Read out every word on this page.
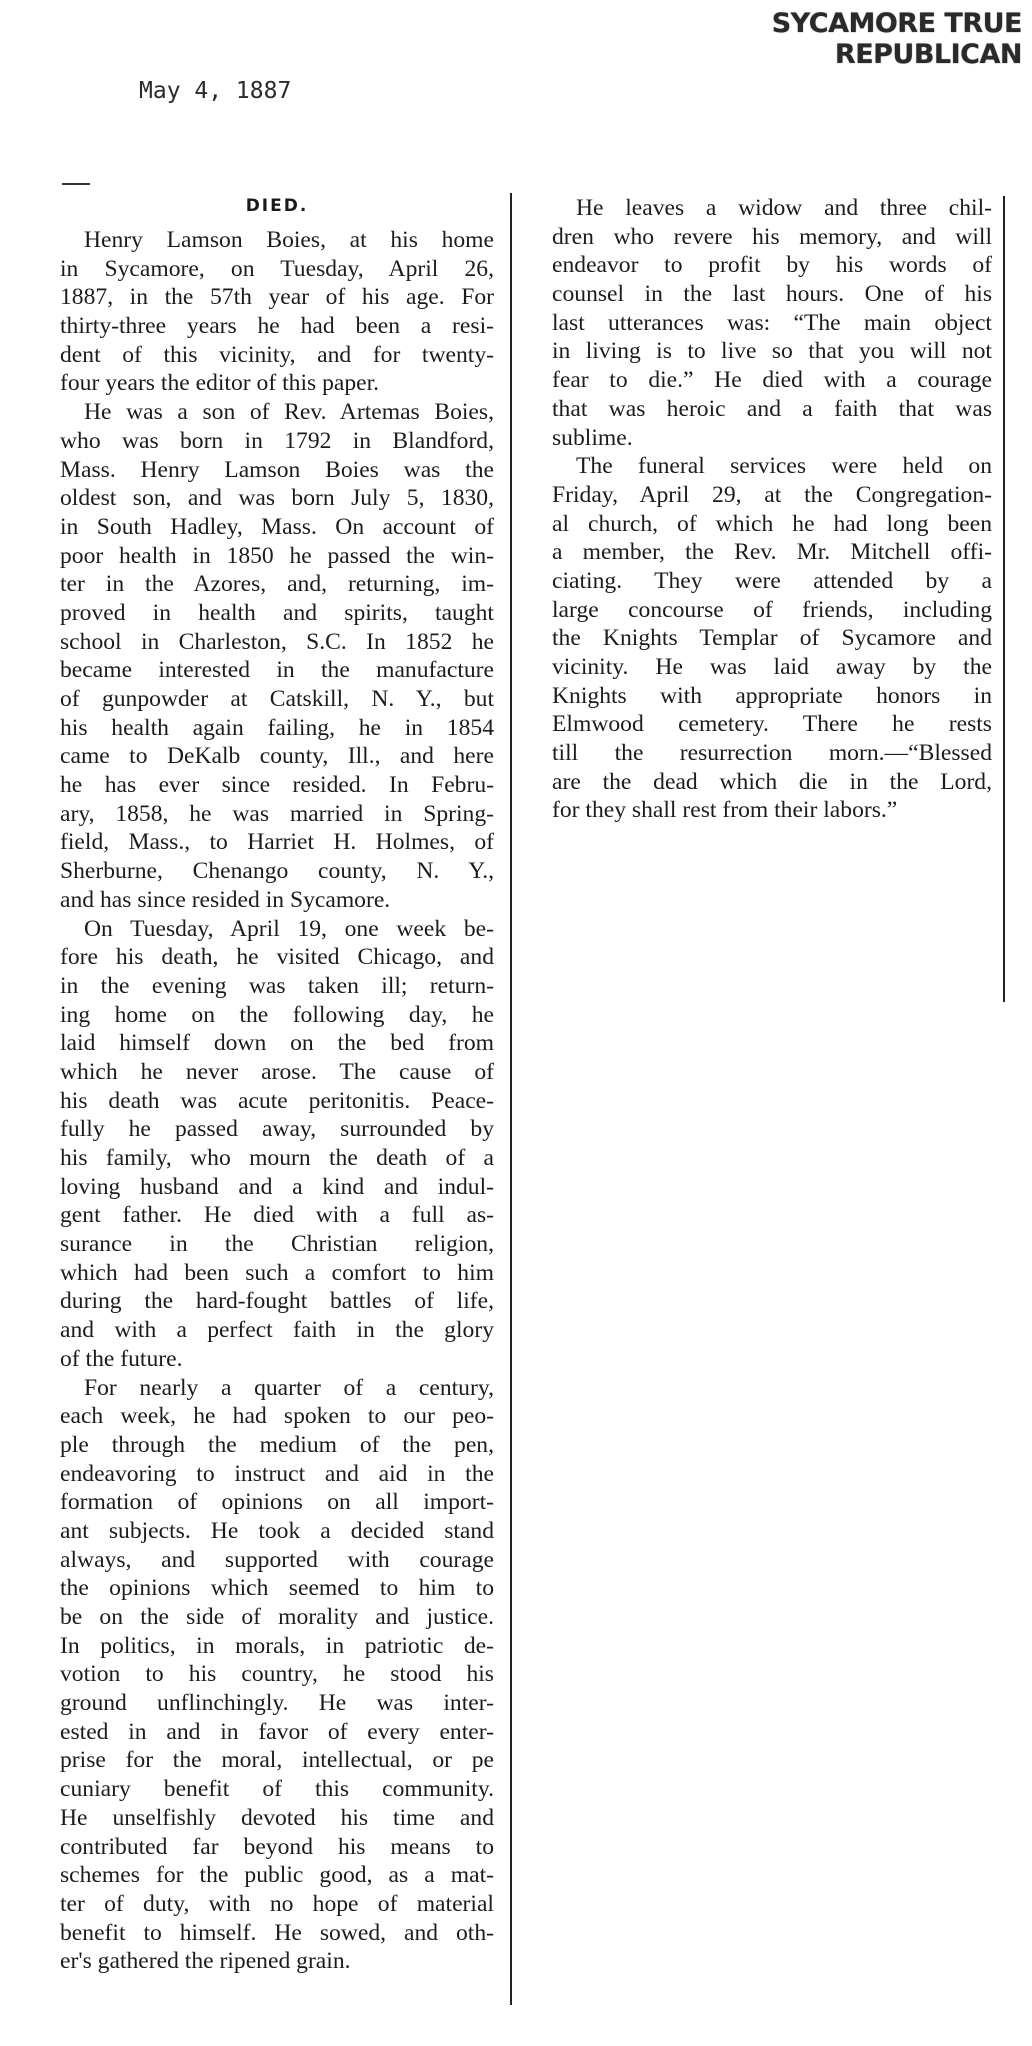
SYCAMORE TRUE REPUBLICAN
May 4, 1887
DIED.
Henry Lamson Boies, at his home
in Sycamore, on Tuesday, April 26,
1887, in the 57th year of his age. For
thirty-three years he had been a resi-
dent of this vicinity, and for twenty-
four years the editor of this paper.
He was a son of Rev. Artemas Boies,
who was born in 1792 in Blandford,
Mass. Henry Lamson Boies was the
oldest son, and was born July 5, 1830,
in South Hadley, Mass. On account of
poor health in 1850 he passed the win-
ter in the Azores, and, returning, im-
proved in health and spirits, taught
school in Charleston, S.C. In 1852 he
became interested in the manufacture
of gunpowder at Catskill, N. Y., but
his health again failing, he in 1854
came to DeKalb county, Ill., and here
he has ever since resided. In Febru-
ary, 1858, he was married in Spring-
field, Mass., to Harriet H. Holmes, of
Sherburne, Chenango county, N. Y.,
and has since resided in Sycamore.
On Tuesday, April 19, one week be-
fore his death, he visited Chicago, and
in the evening was taken ill; return-
ing home on the following day, he
laid himself down on the bed from
which he never arose. The cause of
his death was acute peritonitis. Peace-
fully he passed away, surrounded by
his family, who mourn the death of a
loving husband and a kind and indul-
gent father. He died with a full as-
surance in the Christian religion,
which had been such a comfort to him
during the hard-fought battles of life,
and with a perfect faith in the glory
of the future.
For nearly a quarter of a century,
each week, he had spoken to our peo-
ple through the medium of the pen,
endeavoring to instruct and aid in the
formation of opinions on all import-
ant subjects. He took a decided stand
always, and supported with courage
the opinions which seemed to him to
be on the side of morality and justice.
In politics, in morals, in patriotic de-
votion to his country, he stood his
ground unflinchingly. He was inter-
ested in and in favor of every enter-
prise for the moral, intellectual, or pe
cuniary benefit of this community.
He unselfishly devoted his time and
contributed far beyond his means to
schemes for the public good, as a mat-
ter of duty, with no hope of material
benefit to himself. He sowed, and oth-
er's gathered the ripened grain.
He leaves a widow and three chil-
dren who revere his memory, and will
endeavor to profit by his words of
counsel in the last hours. One of his
last utterances was: “The main object
in living is to live so that you will not
fear to die.” He died with a courage
that was heroic and a faith that was
sublime.
The funeral services were held on
Friday, April 29, at the Congregation-
al church, of which he had long been
a member, the Rev. Mr. Mitchell offi-
ciating. They were attended by a
large concourse of friends, including
the Knights Templar of Sycamore and
vicinity. He was laid away by the
Knights with appropriate honors in
Elmwood cemetery. There he rests
till the resurrection morn.—“Blessed
are the dead which die in the Lord,
for they shall rest from their labors.”
